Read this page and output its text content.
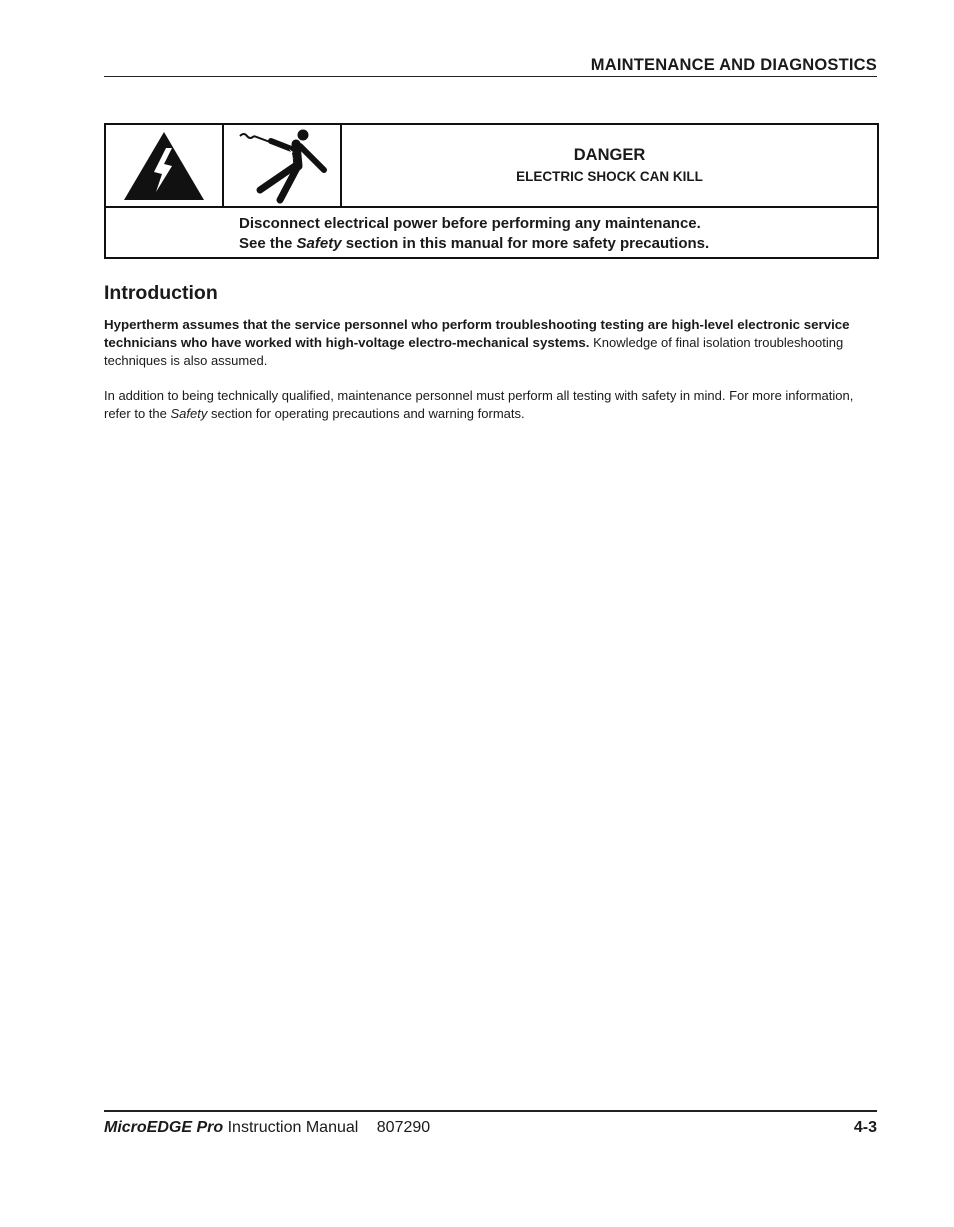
MAINTENANCE AND DIAGNOSTICS
DANGER
ELECTRIC SHOCK CAN KILL
Disconnect electrical power before performing any maintenance.
See the Safety section in this manual for more safety precautions.
Introduction

Hypertherm assumes that the service personnel who perform troubleshooting testing are high-level electronic service technicians who have worked with high-voltage electro-mechanical systems. Knowledge of final isolation troubleshooting techniques is also assumed.

In addition to being technically qualified, maintenance personnel must perform all testing with safety in mind. For more information, refer to the Safety section for operating precautions and warning formats.

MicroEDGE Pro Instruction Manual 807290	4-3
